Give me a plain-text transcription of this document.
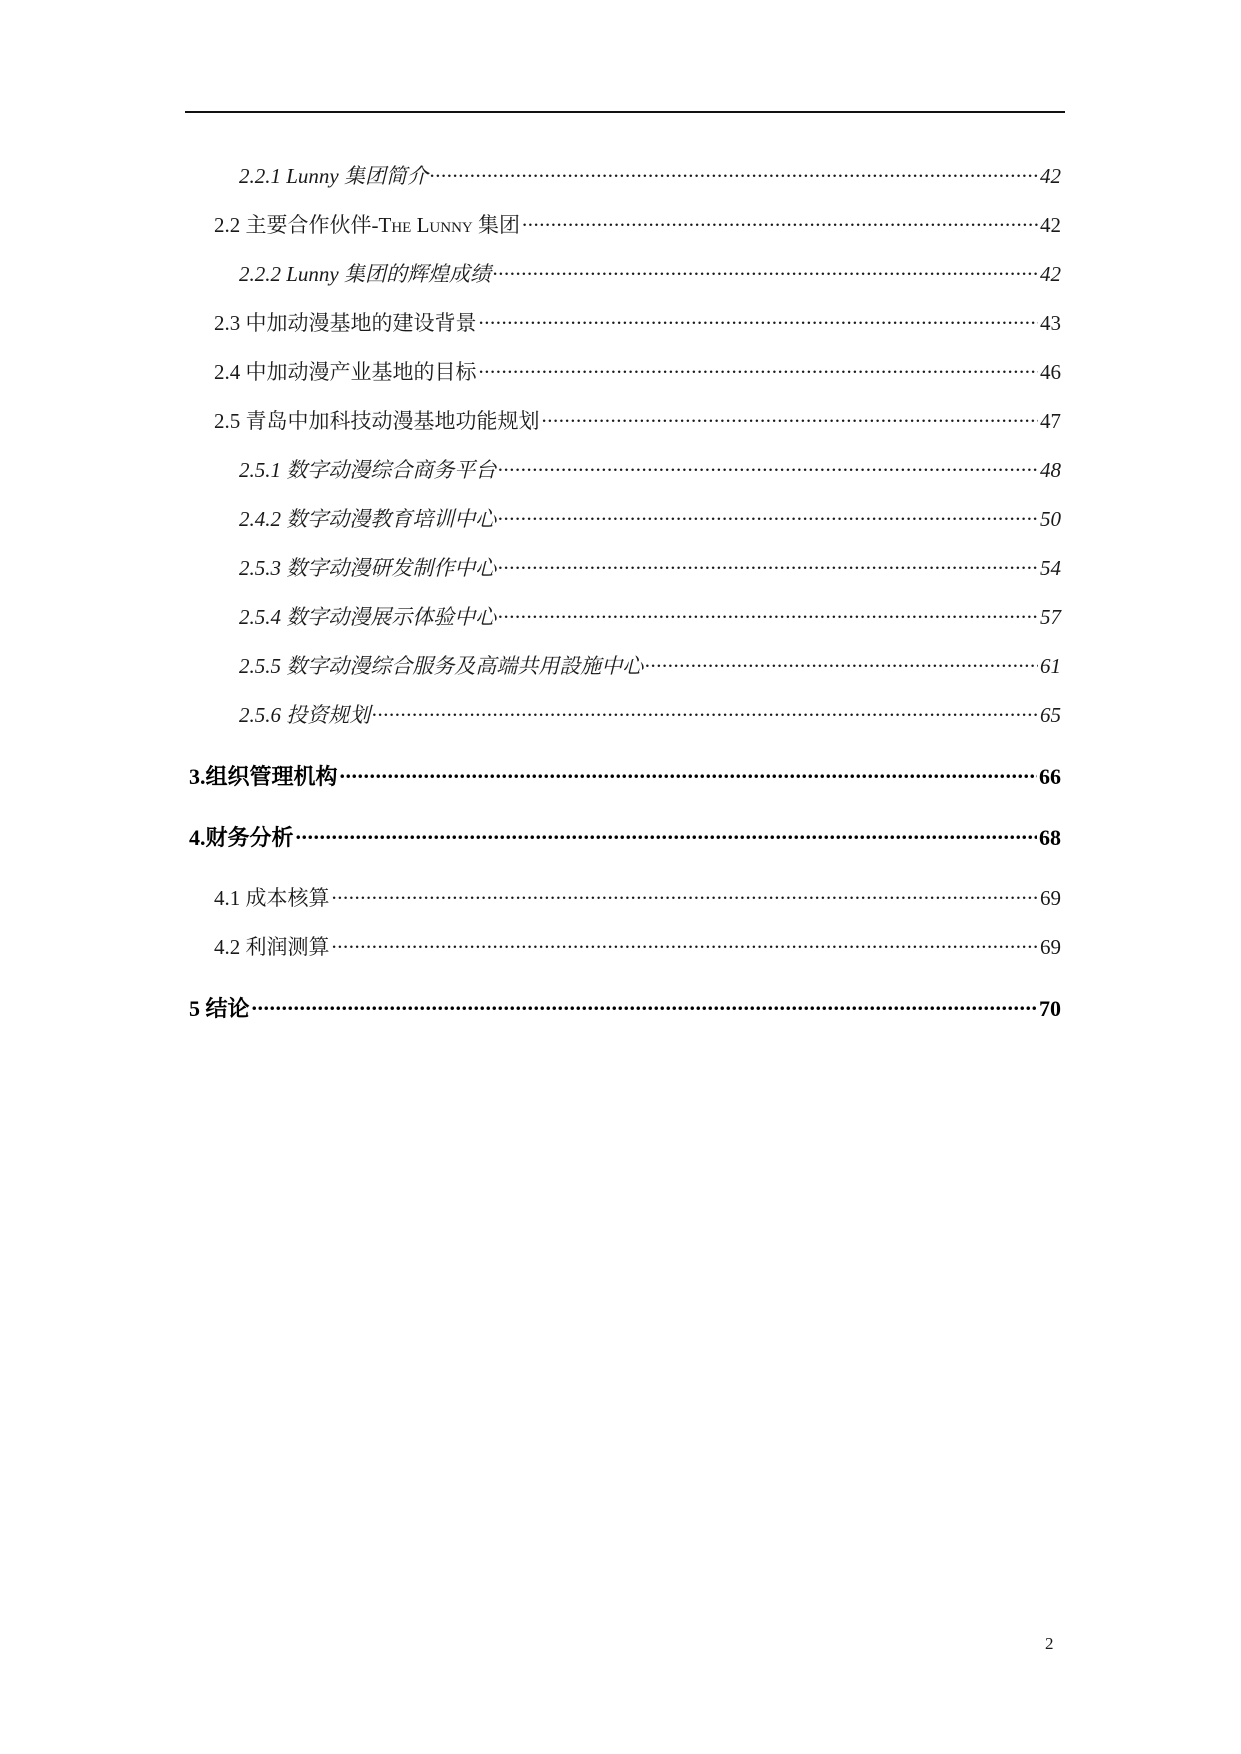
2.2.1 Lunny 集团简介 .....	42
2.2 主要合作伙伴-The Lunny 集团 .....	42
2.2.2 Lunny 集团的辉煌成绩 .....	42
2.3 中加动漫基地的建设背景 .....	43
2.4 中加动漫产业基地的目标 .....	46
2.5 青岛中加科技动漫基地功能规划 .....	47
2.5.1 数字动漫综合商务平台 .....	48
2.4.2 数字动漫教育培训中心 .....	50
2.5.3 数字动漫研发制作中心 .....	54
2.5.4 数字动漫展示体验中心 .....	57
2.5.5 数字动漫综合服务及高端共用設施中心 .....	61
2.5.6 投资规划 .....	65
3.组织管理机构 .....	66
4.财务分析 .....	68
4.1 成本核算 .....	69
4.2 利润测算 .....	69
5 结论 .....	70
2
